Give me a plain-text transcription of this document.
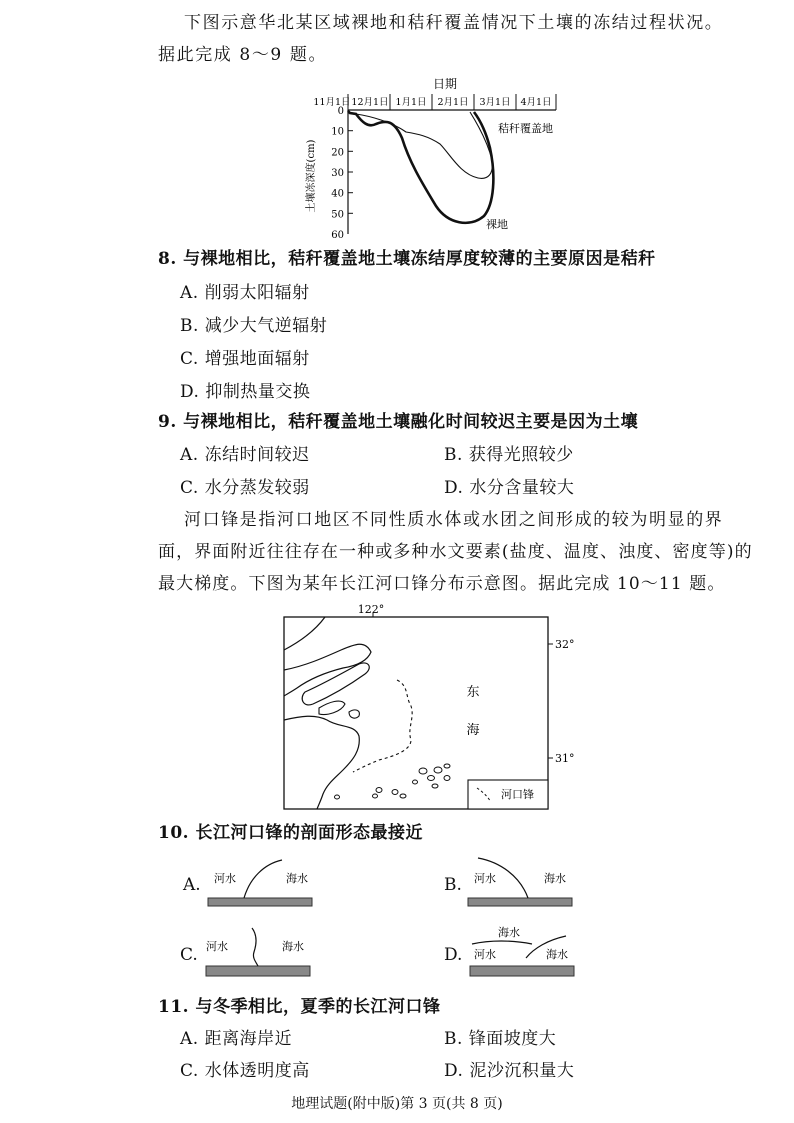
下图示意华北某区域裸地和秸秆覆盖情况下土壤的冻结过程状况。
据此完成 8～9 题。
日期
11月1日 12月1日 1月1日 2月1日 3月1日 4月1日
0
10
20
30
40
50
60
土壤冻深度(cm)
秸秆覆盖地
裸地
8. 与裸地相比，秸秆覆盖地土壤冻结厚度较薄的主要原因是秸秆
A. 削弱太阳辐射
B. 减少大气逆辐射
C. 增强地面辐射
D. 抑制热量交换
9. 与裸地相比，秸秆覆盖地土壤融化时间较迟主要是因为土壤
A. 冻结时间较迟	B. 获得光照较少
C. 水分蒸发较弱	D. 水分含量较大
河口锋是指河口地区不同性质水体或水团之间形成的较为明显的界
面，界面附近往往存在一种或多种水文要素(盐度、温度、浊度、密度等)的
最大梯度。下图为某年长江河口锋分布示意图。据此完成 10～11 题。
122°
32°
31°
东
海
河口锋
10. 长江河口锋的剖面形态最接近
A. 河水	海水	B. 河水	海水
C. 河水	海水	D.
海水
河水	海水
11. 与冬季相比，夏季的长江河口锋
A. 距离海岸近	B. 锋面坡度大
C. 水体透明度高	D. 泥沙沉积量大
地理试题(附中版)第 3 页(共 8 页)
